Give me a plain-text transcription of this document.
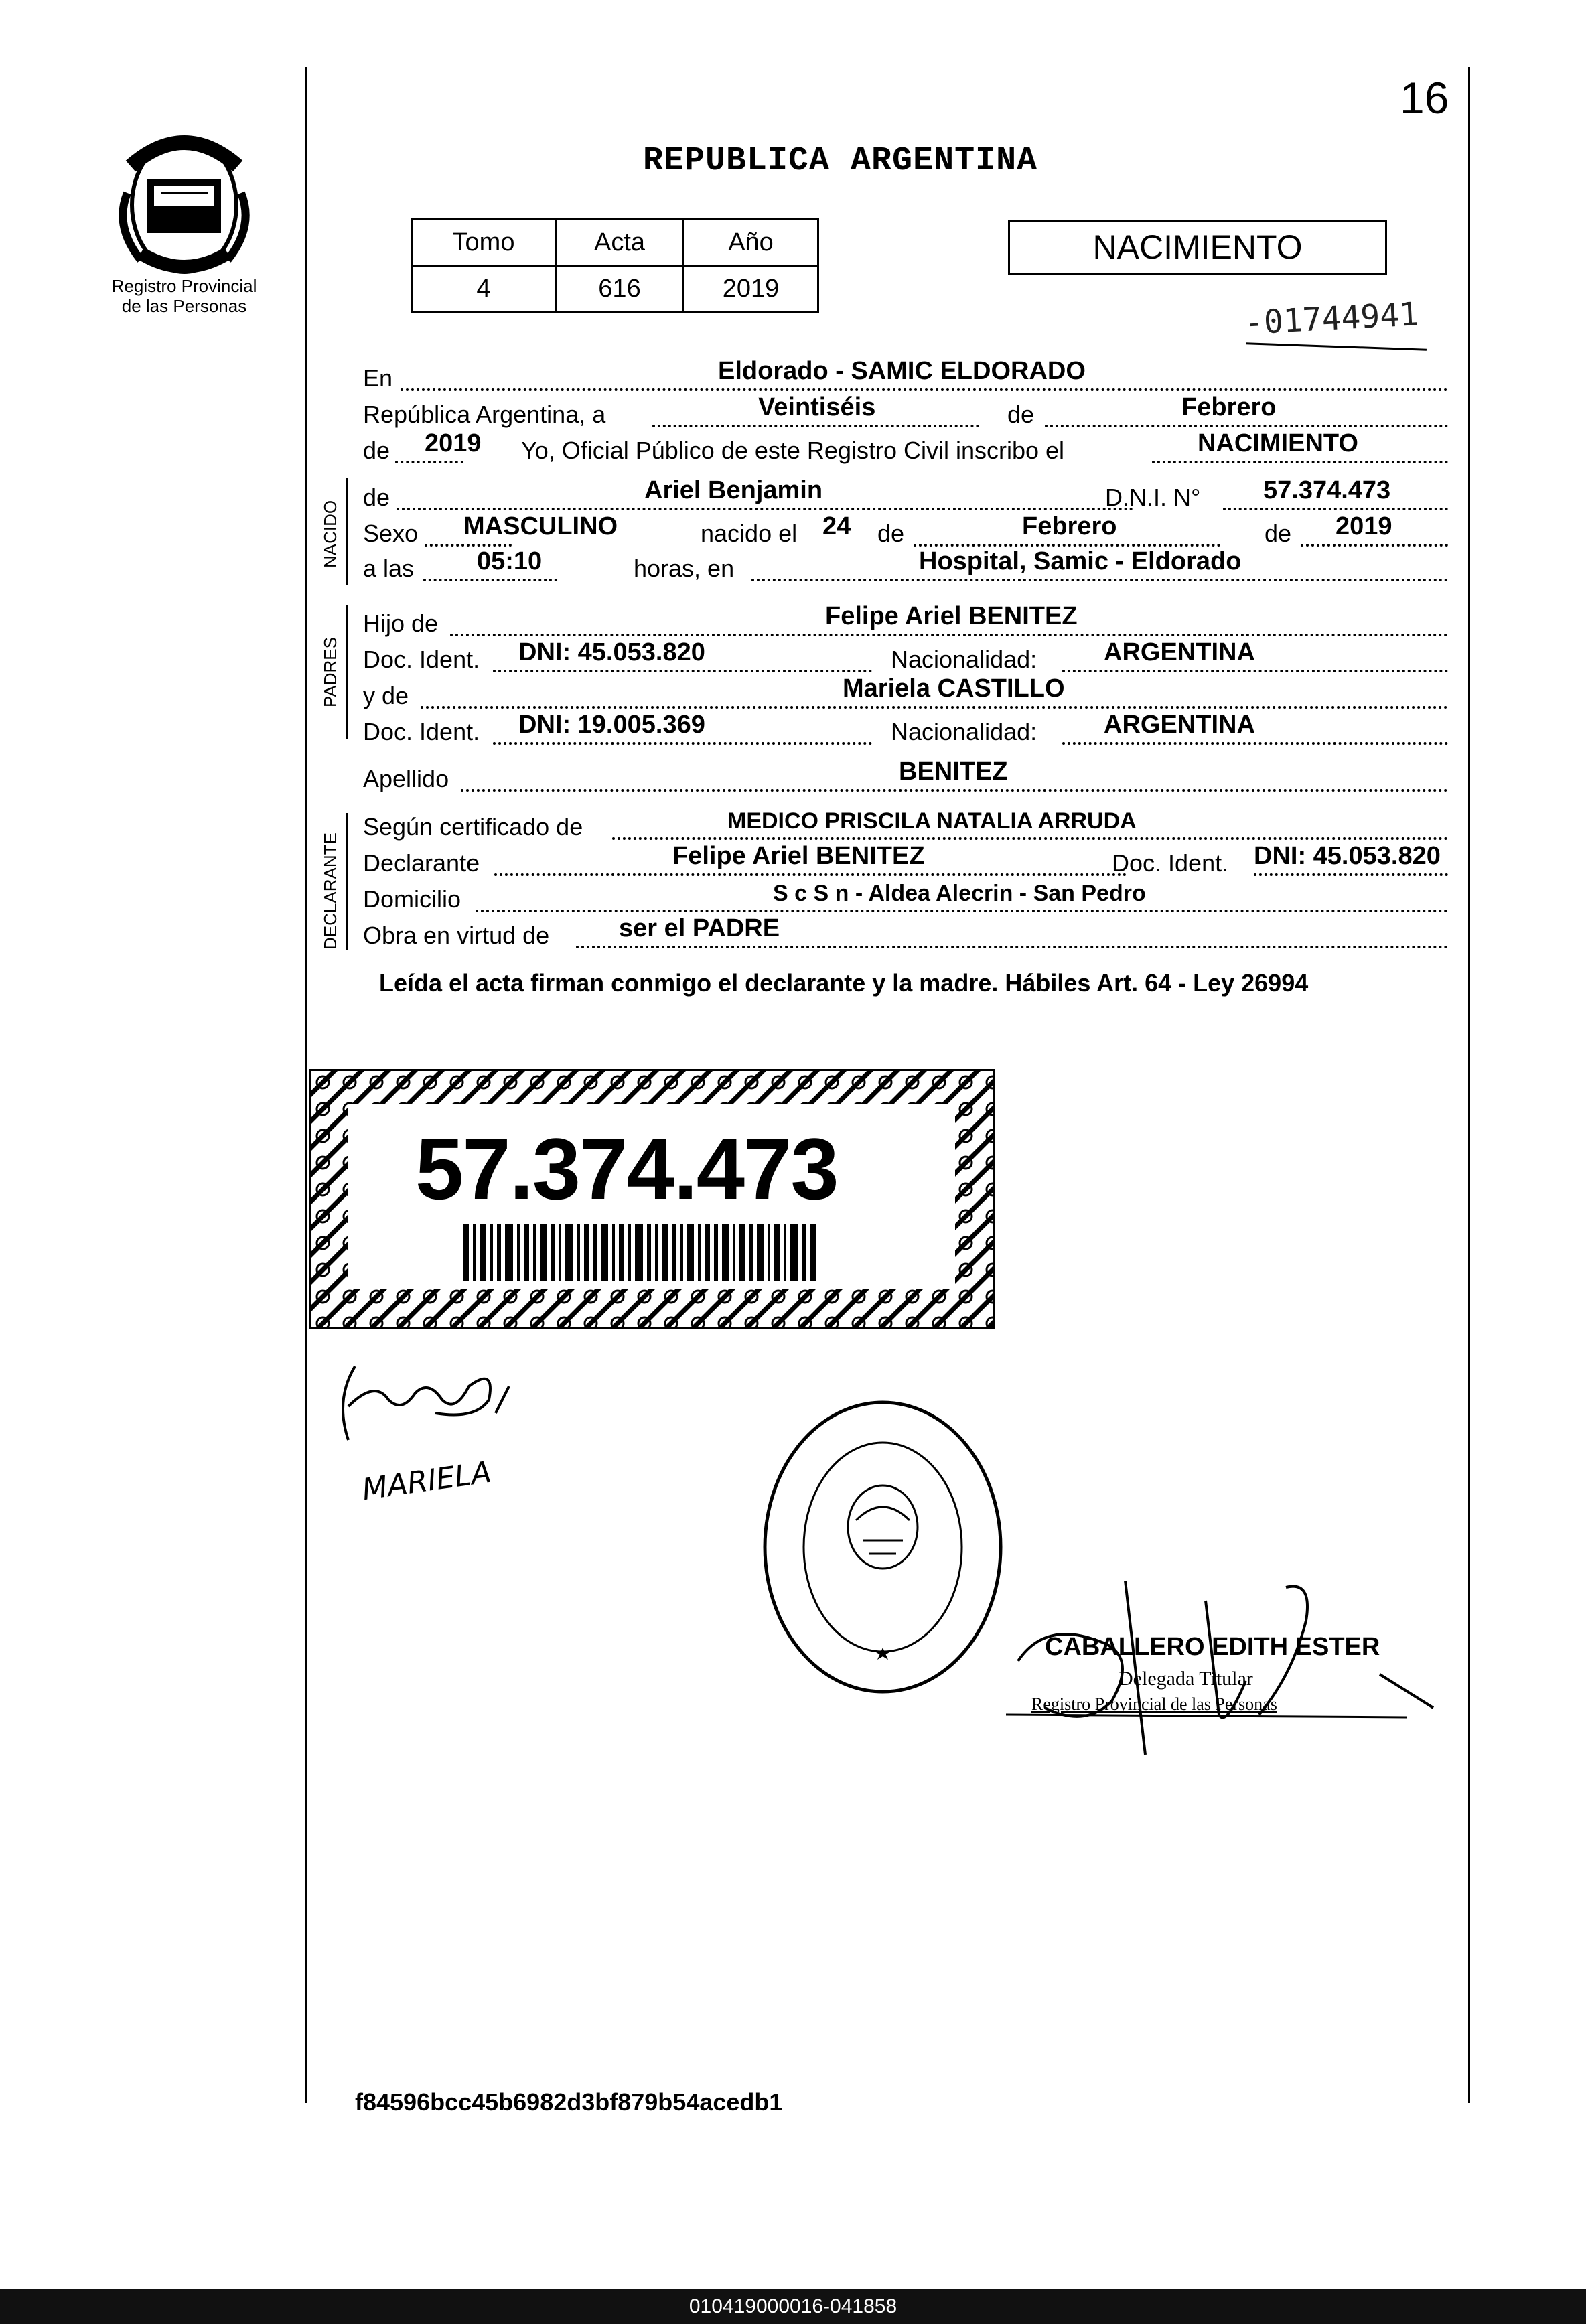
16
Registro Provincial
de las Personas
REPUBLICA ARGENTINA
Tomo	Acta	Año
4	616	2019
NACIMIENTO
-01744941
En	Eldorado - SAMIC ELDORADO
República Argentina, a	Veintiséis	de	Febrero
de 2019 Yo, Oficial Público de este Registro Civil inscribo el	NACIMIENTO
NACIDO
de	Ariel Benjamin	D.N.I. N° 57.374.473
Sexo MASCULINO	nacido el 24 de	Febrero	de 2019
a las 05:10	horas, en	Hospital, Samic - Eldorado
PADRES
Hijo de	Felipe Ariel BENITEZ
Doc. Ident. DNI: 45.053.820	Nacionalidad:	ARGENTINA
y de	Mariela CASTILLO
Doc. Ident. DNI: 19.005.369	Nacionalidad:	ARGENTINA
Apellido	BENITEZ
DECLARANTE
Según certificado de	MEDICO PRISCILA NATALIA ARRUDA
Declarante	Felipe Ariel BENITEZ	Doc. Ident. DNI: 45.053.820
Domicilio	S c S n - Aldea Alecrin - San Pedro
Obra en virtud de	ser el PADRE
Leída el acta firman conmigo el declarante y la madre. Hábiles Art. 64 - Ley 26994
57.374.473
MARIELA
CABALLERO EDITH ESTER
Delegada Titular
Registro Provincial de las Personas
f84596bcc45b6982d3bf879b54acedb1
010419000016-041858
